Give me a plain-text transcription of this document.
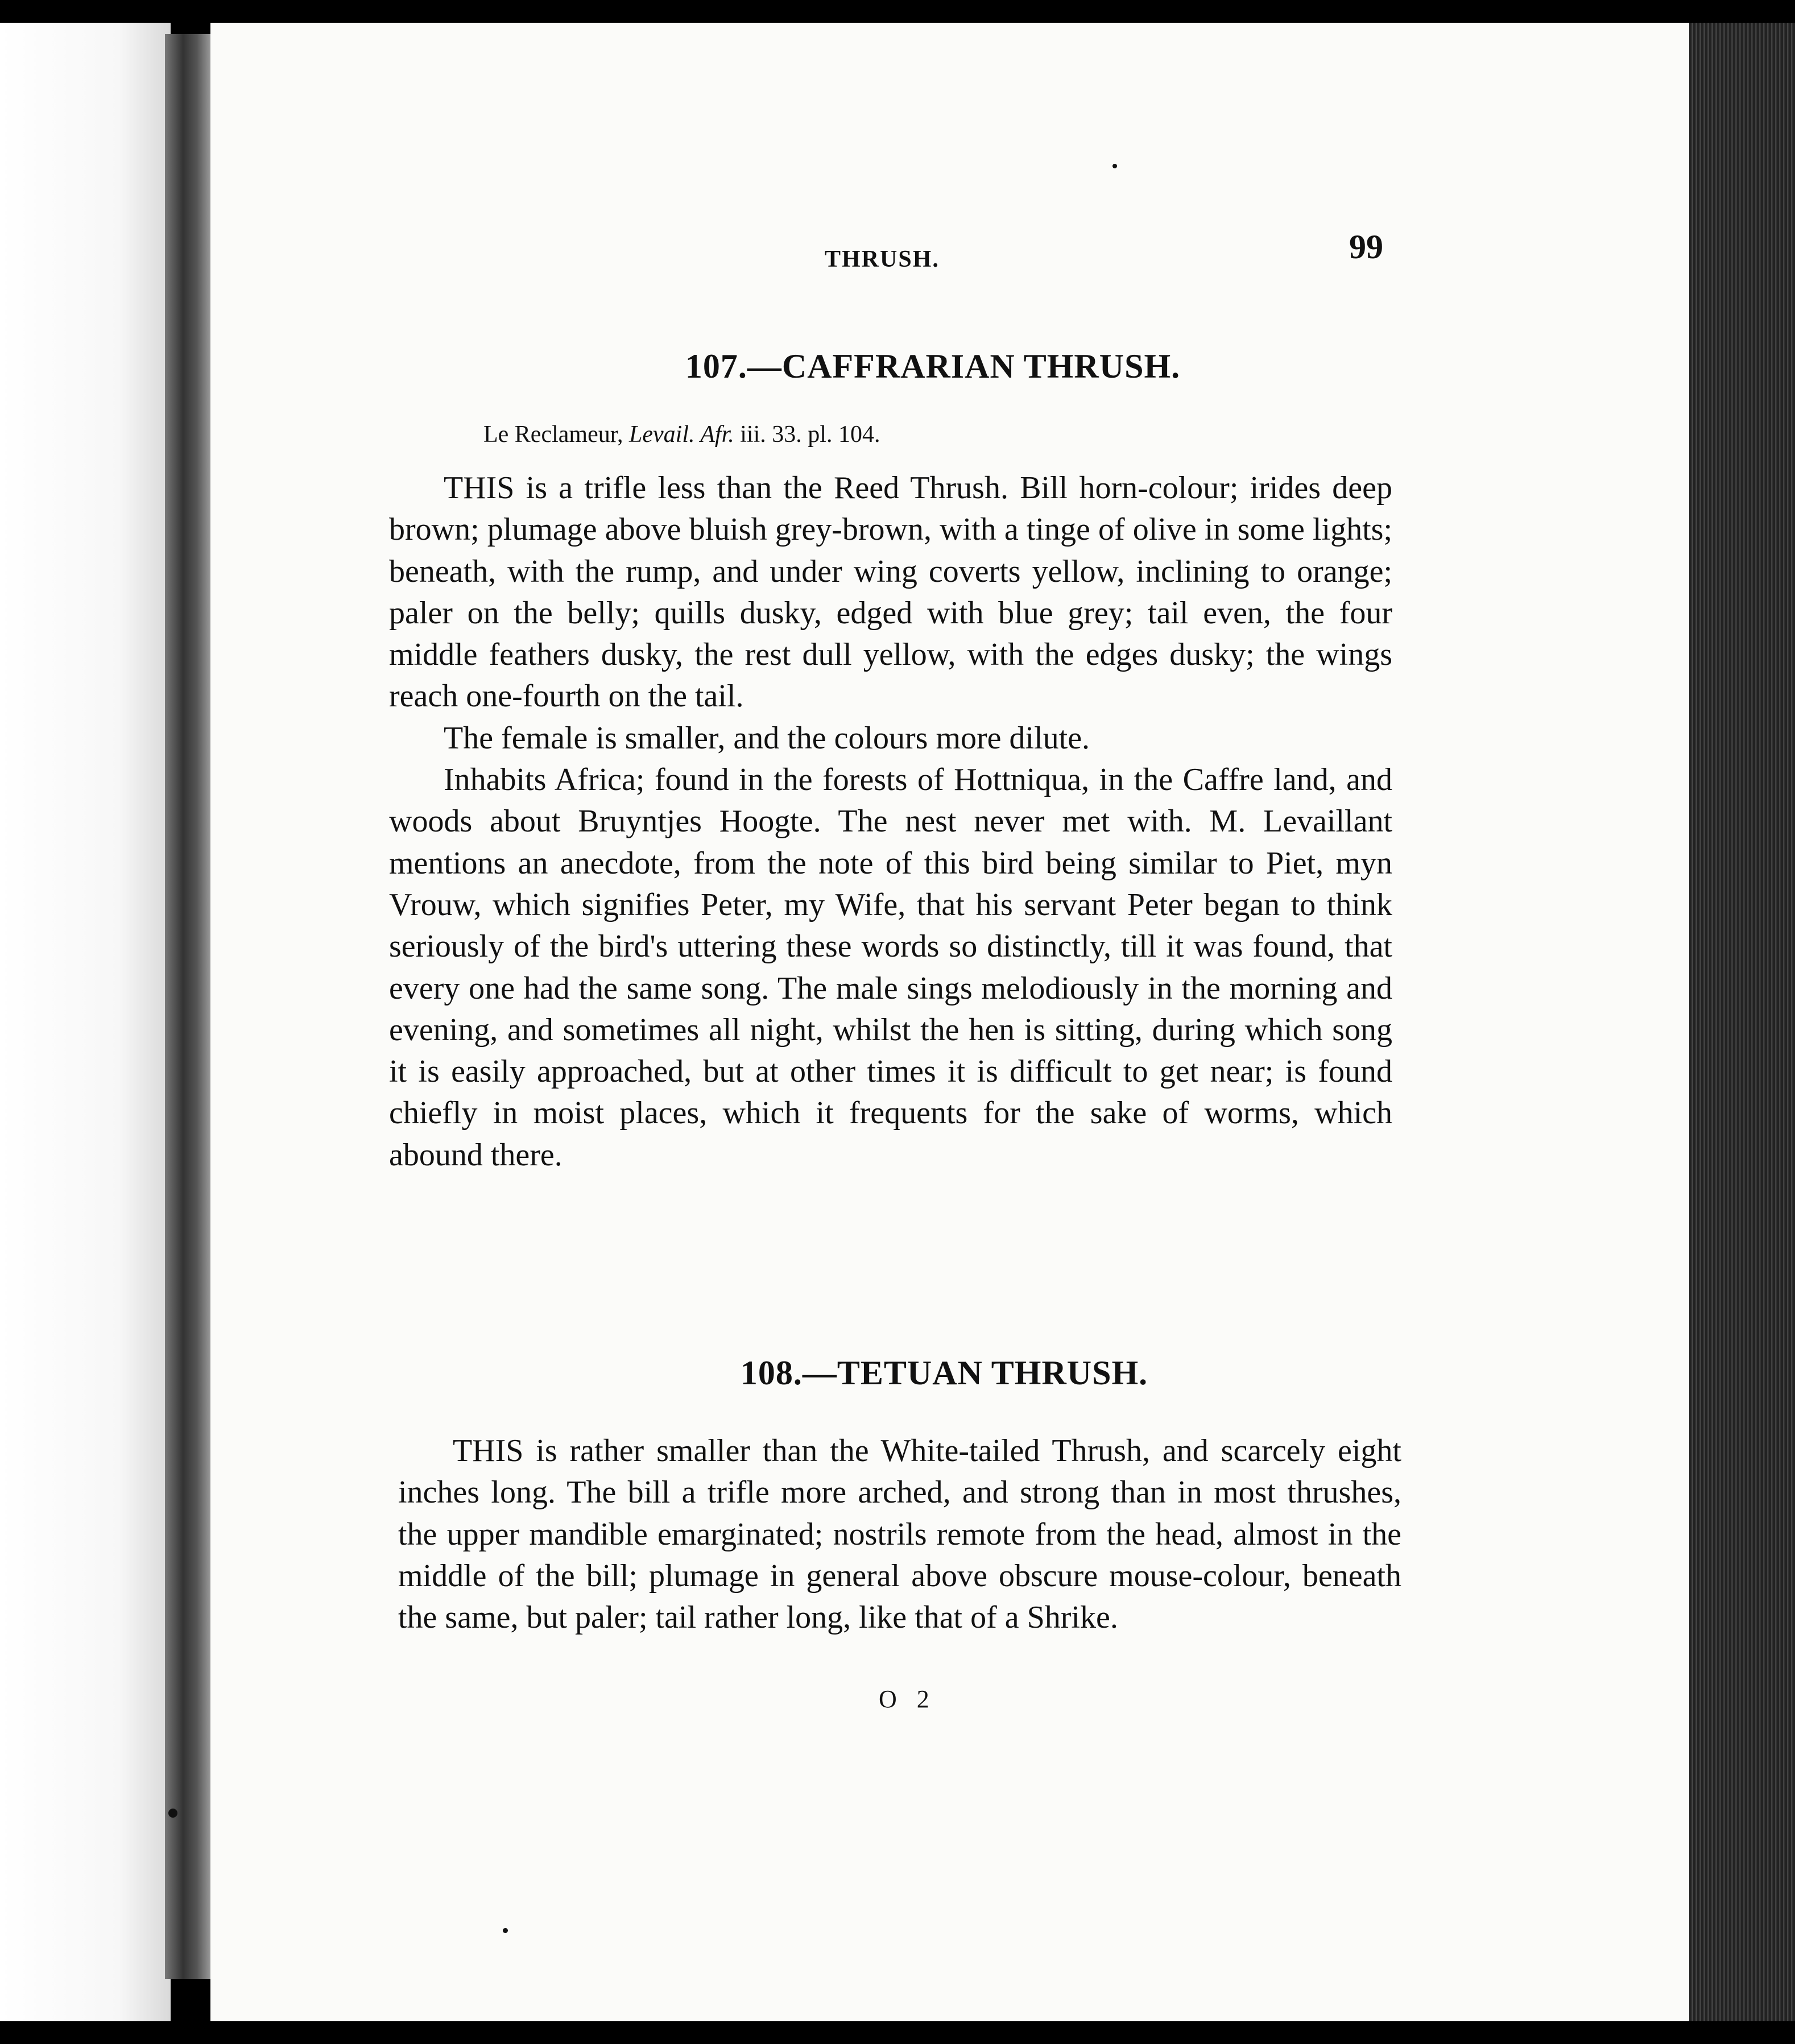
THRUSH.	99
107.—CAFFRARIAN THRUSH.
Le Reclameur, Levail. Afr. iii. 33. pl. 104.

THIS is a trifle less than the Reed Thrush. Bill horn-colour; irides deep brown; plumage above bluish grey-brown, with a tinge of olive in some lights; beneath, with the rump, and under wing coverts yellow, inclining to orange; paler on the belly; quills dusky, edged with blue grey; tail even, the four middle feathers dusky, the rest dull yellow, with the edges dusky; the wings reach one-fourth on the tail.

The female is smaller, and the colours more dilute.

Inhabits Africa; found in the forests of Hottniqua, in the Caffre land, and woods about Bruyntjes Hoogte. The nest never met with. M. Levaillant mentions an anecdote, from the note of this bird being similar to Piet, myn Vrouw, which signifies Peter, my Wife, that his servant Peter began to think seriously of the bird's uttering these words so distinctly, till it was found, that every one had the same song. The male sings melodiously in the morning and evening, and sometimes all night, whilst the hen is sitting, during which song it is easily approached, but at other times it is difficult to get near; is found chiefly in moist places, which it frequents for the sake of worms, which abound there.

108.—TETUAN THRUSH.

THIS is rather smaller than the White-tailed Thrush, and scarcely eight inches long. The bill a trifle more arched, and strong than in most thrushes, the upper mandible emarginated; nostrils remote from the head, almost in the middle of the bill; plumage in general above obscure mouse-colour, beneath the same, but paler; tail rather long, like that of a Shrike.

O 2
